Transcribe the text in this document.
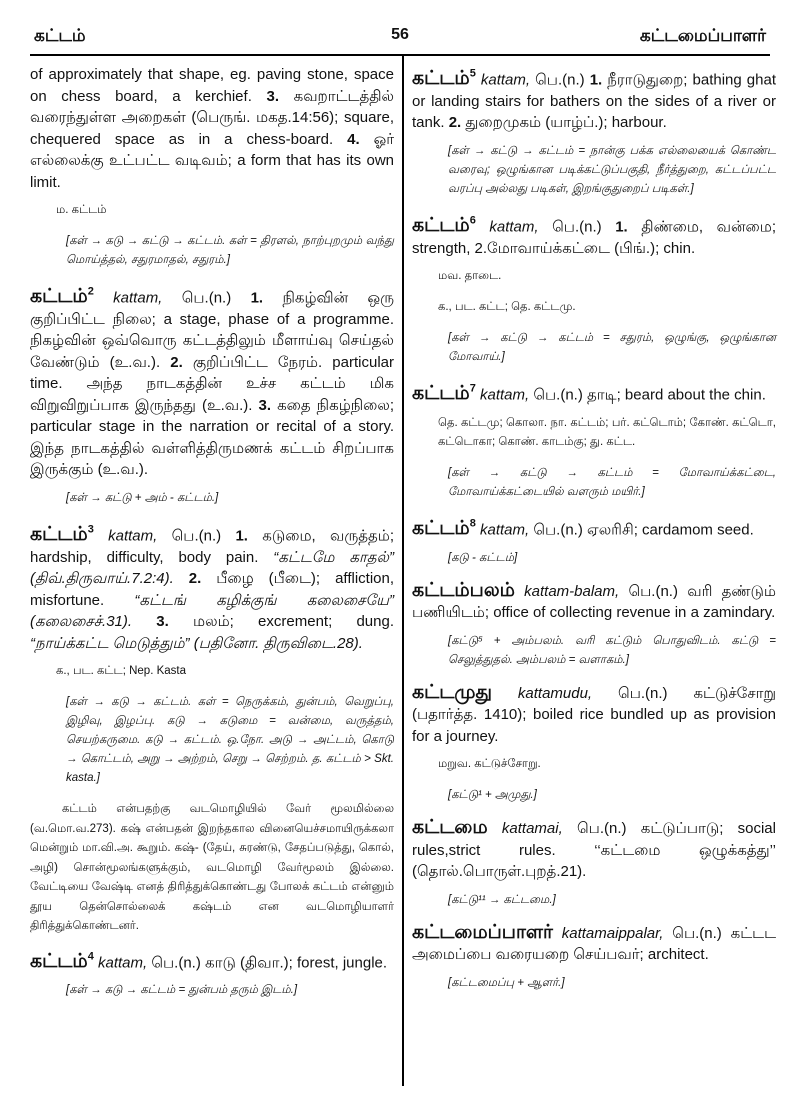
கட்டம்	56	கட்டமைப்பாளர்

of approximately that shape, eg. paving stone, space on chess board, a kerchief. 3. கவறாட்டத்தில் வரைந்துள்ள அறைகள் (பெருங். மகத.14:56); square, chequered space as in a chess-board. 4. ஓர் எல்லைக்கு உட்பட்ட வடிவம்; a form that has its own limit.

ம. கட்டம்
[கள் → கடு → கட்டு → கட்டம். கள் = திரளல், நாற்புறமும் வந்து மொய்த்தல், சதுரமாதல், சதுரம்.]

கட்டம்$^2$ kattam, பெ.(n.) 1. நிகழ்வின் ஒரு குறிப்பிட்ட நிலை; a stage, phase of a programme. நிகழ்வின் ஒவ்வொரு கட்டத்திலும் மீளாய்வு செய்தல் வேண்டும் (உ.வ.). 2. குறிப்பிட்ட நேரம். particular time. அந்த நாடகத்தின் உச்ச கட்டம் மிக விறுவிறுப்பாக இருந்தது (உ.வ.). 3. கதை நிகழ்நிலை; particular stage in the narration or recital of a story. இந்த நாடகத்தில் வள்ளித்திருமணக் கட்டம் சிறப்பாக இருக்கும் (உ.வ.).

[கள் → கட்டு + அம் - கட்டம்.]

கட்டம்$^3$ kattam, பெ.(n.) 1. கடுமை, வருத்தம்; hardship, difficulty, body pain. “கட்டமே காதல்” (திவ்.திருவாய்.7.2:4). 2. பீழை (பீடை); affliction, misfortune. “கட்டங் கழிக்குங் கலைசையே” (கலைசைச்.31). 3. மலம்; excrement; dung. “நாய்க்கட்ட மெடுத்தும்” (பதினோ. திருவிடை.28).

க., பட. கட்ட; Nep. Kasta
[கள் → கடு → கட்டம். கள் = நெருக்கம், துன்பம், வெறுப்பு, இழிவு, இழப்பு. கடு → கடுமை = வன்மை, வருத்தம், செயற்கருமை. கடு → கட்டம். ஒ.நோ. அடு → அட்டம், கொடு → கொட்டம், அறு → அற்றம், செறு → செற்றம். த. கட்டம் > Skt. kasta.]
கட்டம் என்பதற்கு வடமொழியில் வேர் மூலமில்லை (வ.மொ.வ.273). கஷ் என்பதன் இறந்தகால வினையெச்சமாயிருக்கலா மென்றும் மா.வி.அ. கூறும். கஷ்- (தேய், சுரண்டு, சேதப்படுத்து, கொல், அழி) சொன்மூலங்களுக்கும், வடமொழி வேர்மூலம் இல்லை. வேட்டியை வேஷ்டி எனத் திரித்துக்கொண்டது போலக் கட்டம் என்னும் தூய தென்சொல்லைக் கஷ்டம் என வடமொழியாளர் திரித்துக்கொண்டனர்.

கட்டம்$^4$ kattam, பெ.(n.) காடு (திவா.); forest, jungle.

[கள் → கடு → கட்டம் = துன்பம் தரும் இடம்.]

கட்டம்$^5$ kattam, பெ.(n.) 1. நீராடுதுறை; bathing ghat or landing stairs for bathers on the sides of a river or tank. 2. துறைமுகம் (யாழ்ப்.); harbour.

[கள் → கட்டு → கட்டம் = நான்கு பக்க எல்லையைக் கொண்ட வரைவு; ஒழுங்கான படிக்கட்டுப்பகுதி, நீர்த்துறை, கட்டப்பட்ட வரப்பு அல்லது படிகள், இறங்குதுறைப் படிகள்.]

கட்டம்$^6$ kattam, பெ.(n.) 1. திண்மை, வன்மை; strength, 2.மோவாய்க்கட்டை (பிங்.); chin.

மவ. தாடை.
க., பட. கட்ட; தெ. கட்டமு.
[கள் → கட்டு → கட்டம் = சதுரம், ஒழுங்கு, ஒழுங்கான மோவாய்.]

கட்டம்$^7$ kattam, பெ.(n.) தாடி; beard about the chin.

தெ. கட்டமு; கொலா. நா. கட்டம்; பர். கட்டொம்; கோண். கட்டொ, கட்டொகா; கொண். காடம்கு; து. கட்ட.
[கள் → கட்டு → கட்டம் = மோவாய்க்கட்டை, மோவாய்க்கட்டையில் வளரும் மயிர்.]

கட்டம்$^8$ kattam, பெ.(n.) ஏலரிசி; cardamom seed.

[கடு - கட்டம்]

கட்டம்பலம் kattam-balam, பெ.(n.) வரி தண்டும் பணியிடம்; office of collecting revenue in a zamindary.

[கட்டு⁵ + அம்பலம். வரி கட்டும் பொதுவிடம். கட்டு = செலுத்துதல். அம்பலம் = வளாகம்.]

கட்டமுது kattamudu, பெ.(n.) கட்டுச்சோறு (பதார்த்த. 1410); boiled rice bundled up as provision for a journey.

மறுவ. கட்டுச்சோறு.
[கட்டு¹ + அமுது.]

கட்டமை kattamai, பெ.(n.) கட்டுப்பாடு; social rules,strict rules.	‘‘கட்டமை ஒழுக்கத்து’’ (தொல்.பொருள்.புறத்.21).

[கட்டு¹¹ → கட்டமை.]

கட்டமைப்பாளர் kattamaippalar, பெ.(n.) கட்டட அமைப்பை வரையறை செய்பவர்; architect.

[கட்டமைப்பு + ஆளர்.]
